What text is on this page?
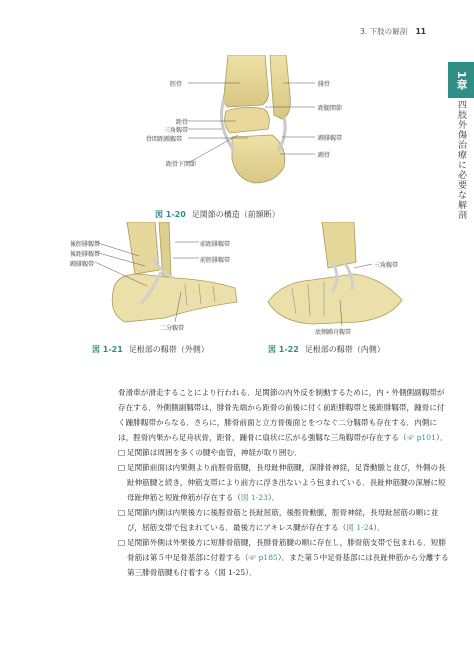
3. 下肢の解剖 11
1章
四肢外傷治療に必要な解剖
脛骨	腓骨
距腿関節
距骨
三角靱帯
骨間距踵靱帯	踵腓靱帯
踵骨
距骨下関節
図 1-20 足関節の構造（前額断）
後脛腓靱帯
後距腓靱帯
踵腓靱帯
前距腓靱帯
前脛腓靱帯
二分靱帯
図 1-21 足根部の靱帯（外側）
三角靱帯
底側踵舟靱帯
図 1-22 足根部の靱帯（内側）

骨滑車が滑走することにより行われる．足関節の内外反を制動するために，内・外側側副靱帯が存在する．外側側副靱帯は，腓骨先端から距骨の前後に付く前距腓靱帯と後距腓靱帯，踵骨に付く踵腓靱帯からなる．さらに，腓骨前面と立方骨後面とをつなぐ二分靱帯も存在する．内側には，脛骨内果から足舟状骨，距骨，踵骨に扇状に広がる強靱な三角靱帯が存在する（☞ p101）．

□ 足関節は周囲を多くの腱や血管，神経が取り囲む．

□ 足関節前面は内果側より前脛骨筋腱，長母趾伸筋腱，深腓骨神経，足背動脈と並び，外側の長趾伸筋腱と続き，伸筋支帯により前方に浮き出ないよう包まれている．長趾伸筋腱の深層に短母趾伸筋と短趾伸筋が存在する（図 1-23）．

□ 足関節内側は内果後方に後脛骨筋と長趾屈筋，後脛骨動脈，脛骨神経，長母趾屈筋の順に並び，屈筋支帯で包まれている．最後方にアキレス腱が存在する（図 1-24）．

□ 足関節外側は外果後方に短腓骨筋腱，長腓骨筋腱の順に存在し，腓骨筋支帯で包まれる．短腓骨筋は第５中足骨基部に付着する（☞ p185）．また第５中足骨基部には長趾伸筋から分離する第三腓骨筋腱も付着する（図 1-25）．
